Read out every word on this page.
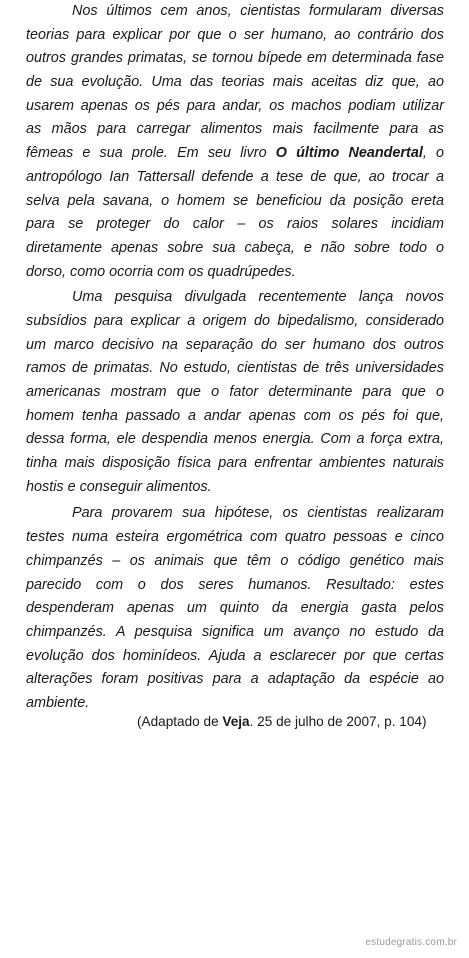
Nos últimos cem anos, cientistas formularam diversas
teorias para explicar por que o ser humano, ao contrário dos
outros grandes primatas, se tornou bípede em determinada fase
de sua evolução. Uma das teorias mais aceitas diz que, ao
usarem apenas os pés para andar, os machos podiam utilizar
as mãos para carregar alimentos mais facilmente para as
fêmeas e sua prole. Em seu livro O último Neandertal, o
antropólogo Ian Tattersall defende a tese de que, ao trocar a
selva pela savana, o homem se beneficiou da posição ereta
para se proteger do calor – os raios solares incidiam
diretamente apenas sobre sua cabeça, e não sobre todo o
dorso, como ocorria com os quadrúpedes.
Uma pesquisa divulgada recentemente lança novos
subsídios para explicar a origem do bipedalismo, considerado
um marco decisivo na separação do ser humano dos outros
ramos de primatas. No estudo, cientistas de três universidades
americanas mostram que o fator determinante para que o
homem tenha passado a andar apenas com os pés foi que,
dessa forma, ele despendia menos energia. Com a força extra,
tinha mais disposição física para enfrentar ambientes naturais
hostis e conseguir alimentos.
Para provarem sua hipótese, os cientistas realizaram
testes numa esteira ergométrica com quatro pessoas e cinco
chimpanzés – os animais que têm o código genético mais
parecido com o dos seres humanos. Resultado: estes
despenderam apenas um quinto da energia gasta pelos
chimpanzés. A pesquisa significa um avanço no estudo da
evolução dos hominídeos. Ajuda a esclarecer por que certas
alterações foram positivas para a adaptação da espécie ao
ambiente.
(Adaptado de Veja. 25 de julho de 2007, p. 104)
estudegratis.com.br
